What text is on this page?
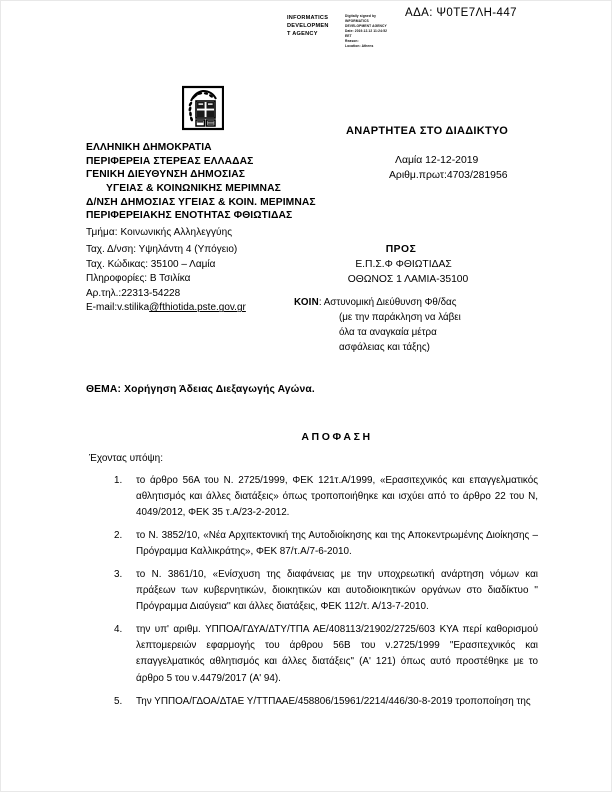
ΑΔΑ: Ψ0ΤΕ7ΛΗ-447
INFORMATICS
DEVELOPMEN
T AGENCY
Digitally signed by
INFORMATICS
DEVELOPMENT AGENCY
Date: 2019.12.12 11:24:52
EET
Reason:
Location: Athens
ΑΝΑΡΤΗΤΕΑ ΣΤΟ ΔΙΑΔΙΚΤΥΟ
ΕΛΛΗΝΙΚΗ ΔΗΜΟΚΡΑΤΙΑ
ΠΕΡΙΦΕΡΕΙΑ ΣΤΕΡΕΑΣ ΕΛΛΑΔΑΣ
ΓΕΝΙΚΗ ΔΙΕΥΘΥΝΣΗ ΔΗΜΟΣΙΑΣ
ΥΓΕΙΑΣ & ΚΟΙΝΩΝΙΚΗΣ ΜΕΡΙΜΝΑΣ
Δ/ΝΣΗ ΔΗΜΟΣΙΑΣ ΥΓΕΙΑΣ & ΚΟΙΝ. ΜΕΡΙΜΝΑΣ
ΠΕΡΙΦΕΡΕΙΑΚΗΣ ΕΝΟΤΗΤΑΣ ΦΘΙΩΤΙΔΑΣ
Τμήμα: Κοινωνικής Αλληλεγγύης
Λαμία 12-12-2019
Αριθμ.πρωτ:4703/281956
Ταχ. Δ/νση: Υψηλάντη 4 (Υπόγειο)
Ταχ. Κώδικας: 35100 – Λαμία
Πληροφορίες: Β Τσιλίκα
Αρ.τηλ.:22313-54228
E-mail:v.stilika@fthiotida.pste.gov.gr
ΠΡΟΣ
Ε.Π.Σ.Φ ΦΘΙΩΤΙΔΑΣ
ΟΘΩΝΟΣ 1 ΛΑΜΙΑ-35100
ΚΟΙΝ: Αστυνομική Διεύθυνση Φθ/δας
(με την παράκληση να λάβει
όλα τα αναγκαία μέτρα
ασφάλειας και τάξης)
ΘΕΜΑ: Χορήγηση Άδειας Διεξαγωγής Αγώνα.
ΑΠΟΦΑΣΗ
Έχοντας υπόψη:
1.	το άρθρο 56Α του Ν. 2725/1999, ΦΕΚ 121τ.Α/1999, «Ερασιτεχνικός και επαγγελματικός αθλητισμός και άλλες διατάξεις» όπως τροποποιήθηκε και ισχύει από το άρθρο 22 του Ν, 4049/2012, ΦΕΚ 35 τ.Α/23-2-2012.
2.	το Ν. 3852/10, «Νέα Αρχιτεκτονική της Αυτοδιοίκησης και της Αποκεντρωμένης Διοίκησης – Πρόγραμμα Καλλικράτης», ΦΕΚ 87/τ.Α/7-6-2010.
3.	το Ν. 3861/10, «Ενίσχυση της διαφάνειας με την υποχρεωτική ανάρτηση νόμων και πράξεων των κυβερνητικών, διοικητικών και αυτοδιοικητικών οργάνων στο διαδίκτυο '' Πρόγραμμα Διαύγεια'' και άλλες διατάξεις, ΦΕΚ 112/τ. Α/13-7-2010.
4.	την υπ' αριθμ. ΥΠΠΟΑ/ΓΔΥΑ/ΔΤΥ/ΤΠΑ ΑΕ/408113/21902/2725/603 ΚΥΑ περί καθορισμού λεπτομερειών εφαρμογής του άρθρου 56Β του ν.2725/1999 "Ερασιτεχνικός και επαγγελματικός αθλητισμός και άλλες διατάξεις" (Α' 121) όπως αυτό προστέθηκε με το άρθρο 5 του ν.4479/2017 (Α' 94).
5.	Την ΥΠΠΟΑ/ΓΔΟΑ/ΔΤΑΕ Υ/ΤΤΠΑΑΕ/458806/15961/2214/446/30-8-2019 τροποποίηση της
